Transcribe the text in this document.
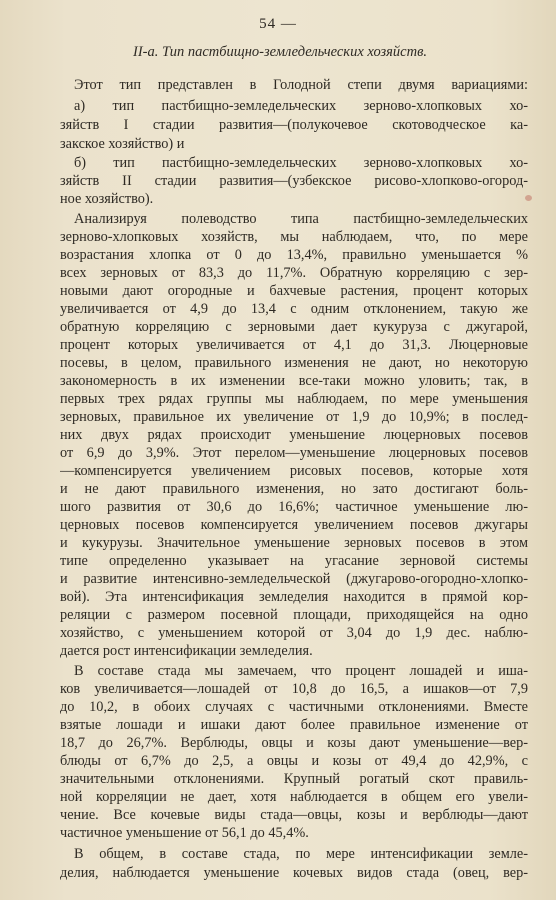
54 —
II-а. Тип пастбищно-земледельческих хозяйств.
Этот тип представлен в Голодной степи двумя вариациями:
а) тип пастбищно-земледельческих зерново-хлопковых хо-
зяйств I стадии развития—(полукочевое скотоводческое ка-
закское хозяйство) и
б) тип пастбищно-земледельческих зерново-хлопковых хо-
зяйств II стадии развития—(узбекское рисово-хлопково-огород-
ное хозяйство).
Анализируя полеводство типа пастбищно-земледельческих
зерново-хлопковых хозяйств, мы наблюдаем, что, по мере
возрастания хлопка от 0 до 13,4%, правильно уменьшается %
всех зерновых от 83,3 до 11,7%. Обратную корреляцию с зер-
новыми дают огородные и бахчевые растения, процент которых
увеличивается от 4,9 до 13,4 с одним отклонением, такую же
обратную корреляцию с зерновыми дает кукуруза с джугарой,
процент которых увеличивается от 4,1 до 31,3. Люцерновые
посевы, в целом, правильного изменения не дают, но некоторую
закономерность в их изменении все-таки можно уловить; так, в
первых трех рядах группы мы наблюдаем, по мере уменьшения
зерновых, правильное их увеличение от 1,9 до 10,9%; в послед-
них двух рядах происходит уменьшение люцерновых посевов
от 6,9 до 3,9%. Этот перелом—уменьшение люцерновых посевов
—компенсируется увеличением рисовых посевов, которые хотя
и не дают правильного изменения, но зато достигают боль-
шого развития от 30,6 до 16,6%; частичное уменьшение лю-
церновых посевов компенсируется увеличением посевов джугары
и кукурузы. Значительное уменьшение зерновых посевов в этом
типе определенно указывает на угасание зерновой системы
и развитие интенсивно-земледельческой (джугарово-огородно-хлопко-
вой). Эта интенсификация земледелия находится в прямой кор-
реляции с размером посевной площади, приходящейся на одно
хозяйство, с уменьшением которой от 3,04 до 1,9 дес. наблю-
дается рост интенсификации земледелия.
В составе стада мы замечаем, что процент лошадей и иша-
ков увеличивается—лошадей от 10,8 до 16,5, а ишаков—от 7,9
до 10,2, в обоих случаях с частичными отклонениями. Вместе
взятые лошади и ишаки дают более правильное изменение от
18,7 до 26,7%. Верблюды, овцы и козы дают уменьшение—вер-
блюды от 6,7% до 2,5, а овцы и козы от 49,4 до 42,9%, с
значительными отклонениями. Крупный рогатый скот правиль-
ной корреляции не дает, хотя наблюдается в общем его увели-
чение. Все кочевые виды стада—овцы, козы и верблюды—дают
частичное уменьшение от 56,1 до 45,4%.
В общем, в составе стада, по мере интенсификации земле-
делия, наблюдается уменьшение кочевых видов стада (овец, вер-
